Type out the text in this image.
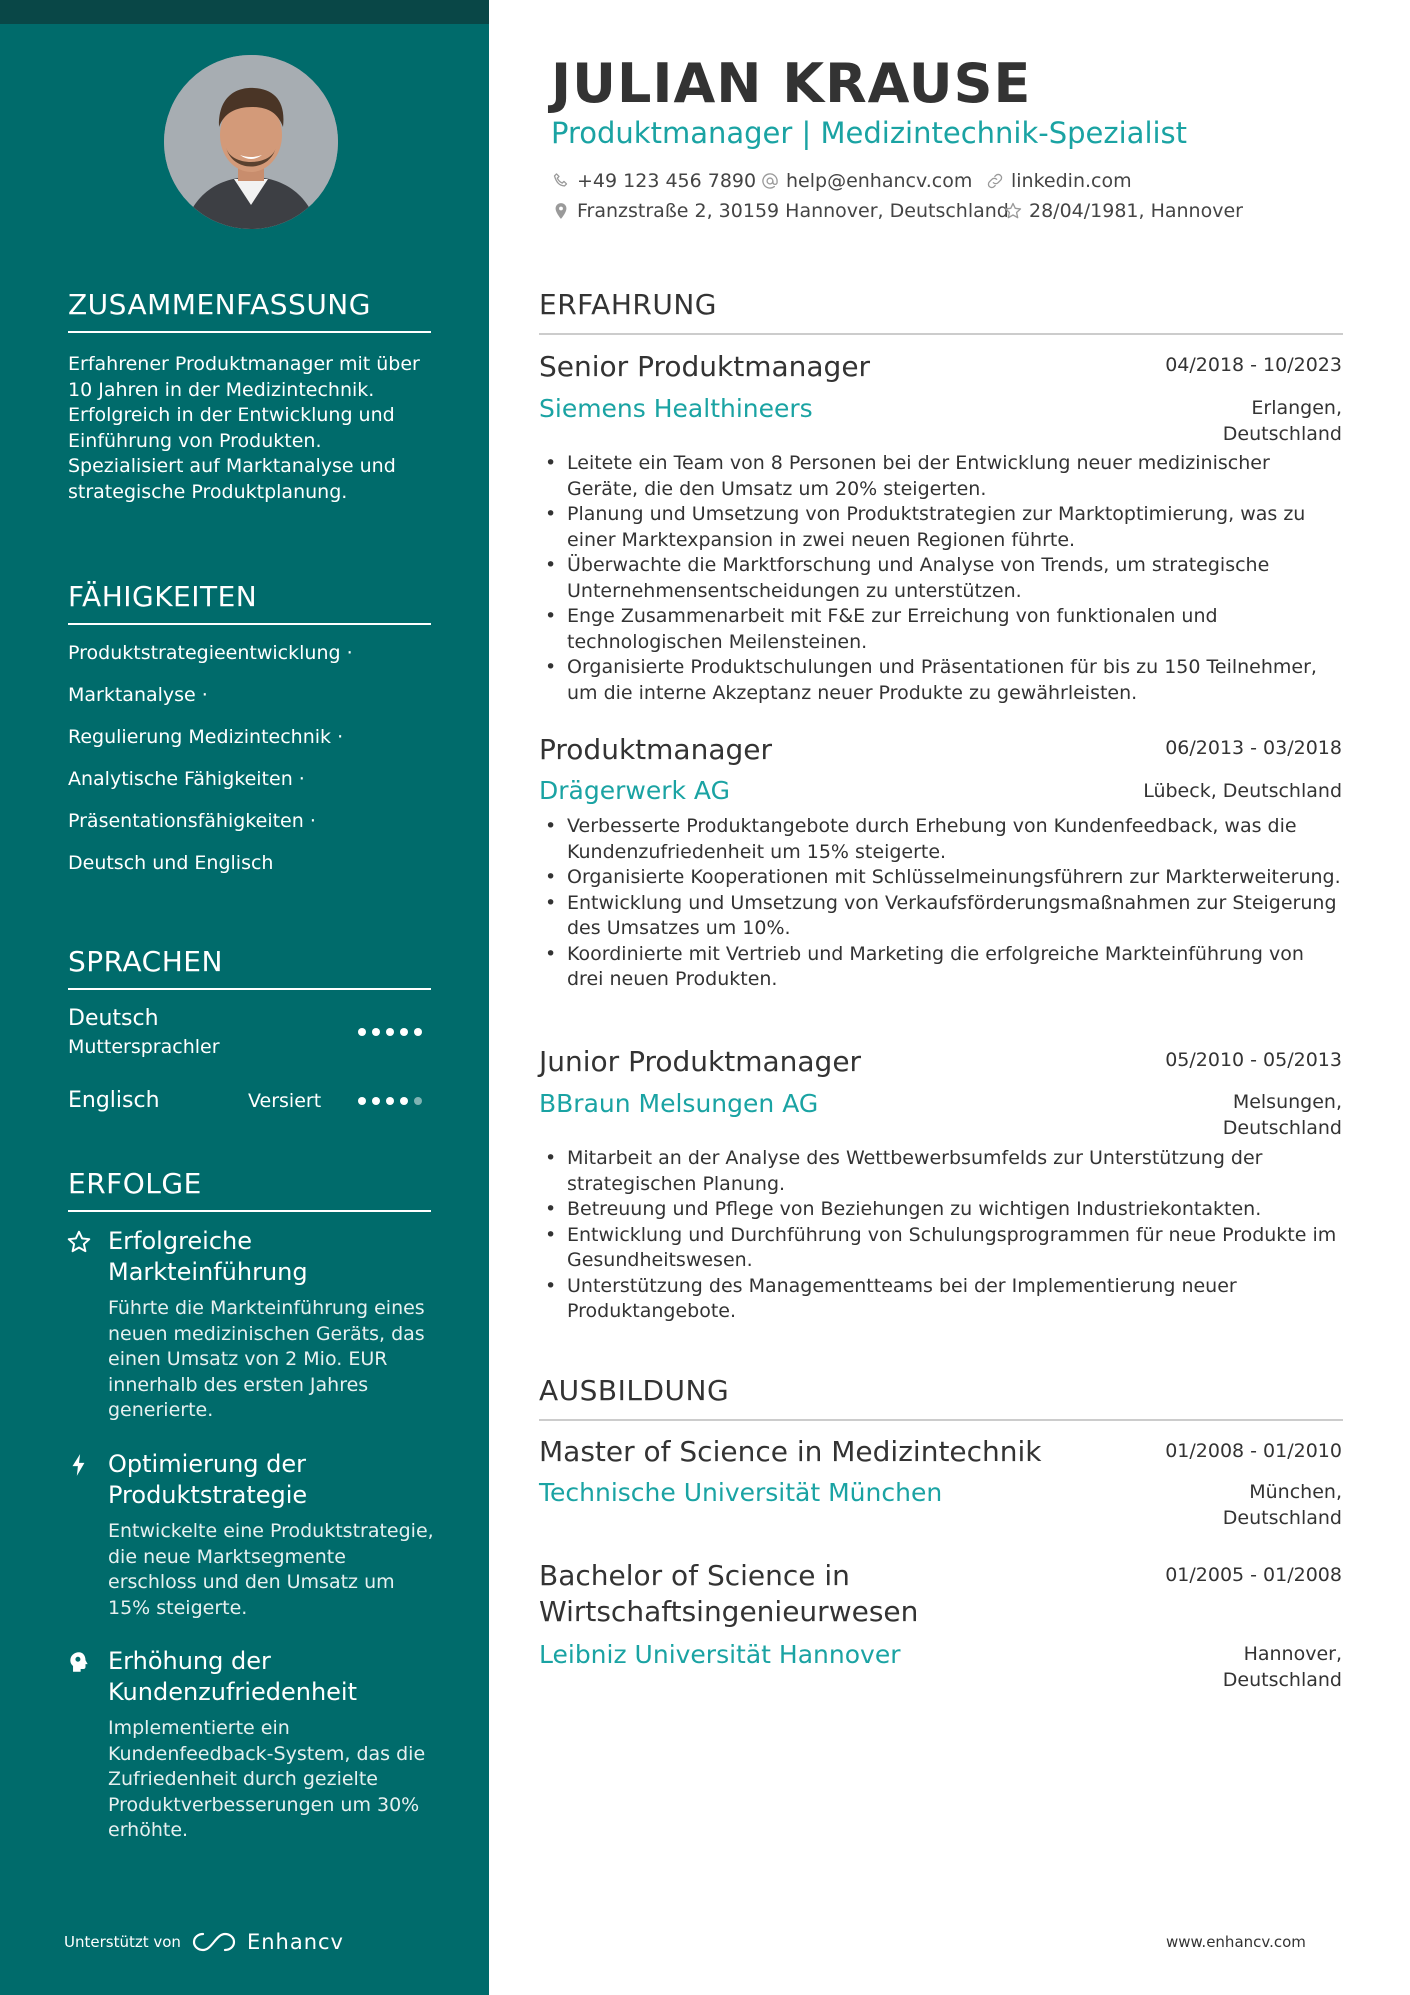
ZUSAMMENFASSUNG
Erfahrener Produktmanager mit über 10 Jahren in der Medizintechnik. Erfolgreich in der Entwicklung und Einführung von Produkten. Spezialisiert auf Marktanalyse und strategische Produktplanung.
FÄHIGKEITEN
Produktstrategieentwicklung ·
Marktanalyse ·
Regulierung Medizintechnik ·
Analytische Fähigkeiten ·
Präsentationsfähigkeiten ·
Deutsch und Englisch
SPRACHEN
Deutsch
Muttersprachler
Englisch	Versiert
ERFOLGE
Erfolgreiche Markteinführung
Führte die Markteinführung eines neuen medizinischen Geräts, das einen Umsatz von 2 Mio. EUR innerhalb des ersten Jahres generierte.
Optimierung der Produktstrategie
Entwickelte eine Produktstrategie, die neue Marktsegmente erschloss und den Umsatz um 15% steigerte.
Erhöhung der Kundenzufriedenheit
Implementierte ein Kundenfeedback-System, das die Zufriedenheit durch gezielte Produktverbesserungen um 30% erhöhte.
Unterstützt von	Enhancv
JULIAN KRAUSE
Produktmanager | Medizintechnik-Spezialist
+49 123 456 7890 help@enhancv.com linkedin.com
Franzstraße 2, 30159 Hannover, Deutschland 28/04/1981, Hannover
ERFAHRUNG
Senior Produktmanager	04/2018 - 10/2023
Siemens Healthineers	Erlangen, Deutschland
• Leitete ein Team von 8 Personen bei der Entwicklung neuer medizinischer Geräte, die den Umsatz um 20% steigerten.
• Planung und Umsetzung von Produktstrategien zur Marktoptimierung, was zu einer Marktexpansion in zwei neuen Regionen führte.
• Überwachte die Marktforschung und Analyse von Trends, um strategische Unternehmensentscheidungen zu unterstützen.
• Enge Zusammenarbeit mit F&E zur Erreichung von funktionalen und technologischen Meilensteinen.
• Organisierte Produktschulungen und Präsentationen für bis zu 150 Teilnehmer, um die interne Akzeptanz neuer Produkte zu gewährleisten.
Produktmanager	06/2013 - 03/2018
Drägerwerk AG	Lübeck, Deutschland
• Verbesserte Produktangebote durch Erhebung von Kundenfeedback, was die Kundenzufriedenheit um 15% steigerte.
• Organisierte Kooperationen mit Schlüsselmeinungsführern zur Markterweiterung.
• Entwicklung und Umsetzung von Verkaufsförderungsmaßnahmen zur Steigerung des Umsatzes um 10%.
• Koordinierte mit Vertrieb und Marketing die erfolgreiche Markteinführung von drei neuen Produkten.
Junior Produktmanager	05/2010 - 05/2013
BBraun Melsungen AG	Melsungen, Deutschland
• Mitarbeit an der Analyse des Wettbewerbsumfelds zur Unterstützung der strategischen Planung.
• Betreuung und Pflege von Beziehungen zu wichtigen Industriekontakten.
• Entwicklung und Durchführung von Schulungsprogrammen für neue Produkte im Gesundheitswesen.
• Unterstützung des Managementteams bei der Implementierung neuer Produktangebote.
AUSBILDUNG
Master of Science in Medizintechnik	01/2008 - 01/2010
Technische Universität München	München, Deutschland
Bachelor of Science in Wirtschaftsingenieurwesen
01/2005 - 01/2008
Leibniz Universität Hannover	Hannover, Deutschland
www.enhancv.com
